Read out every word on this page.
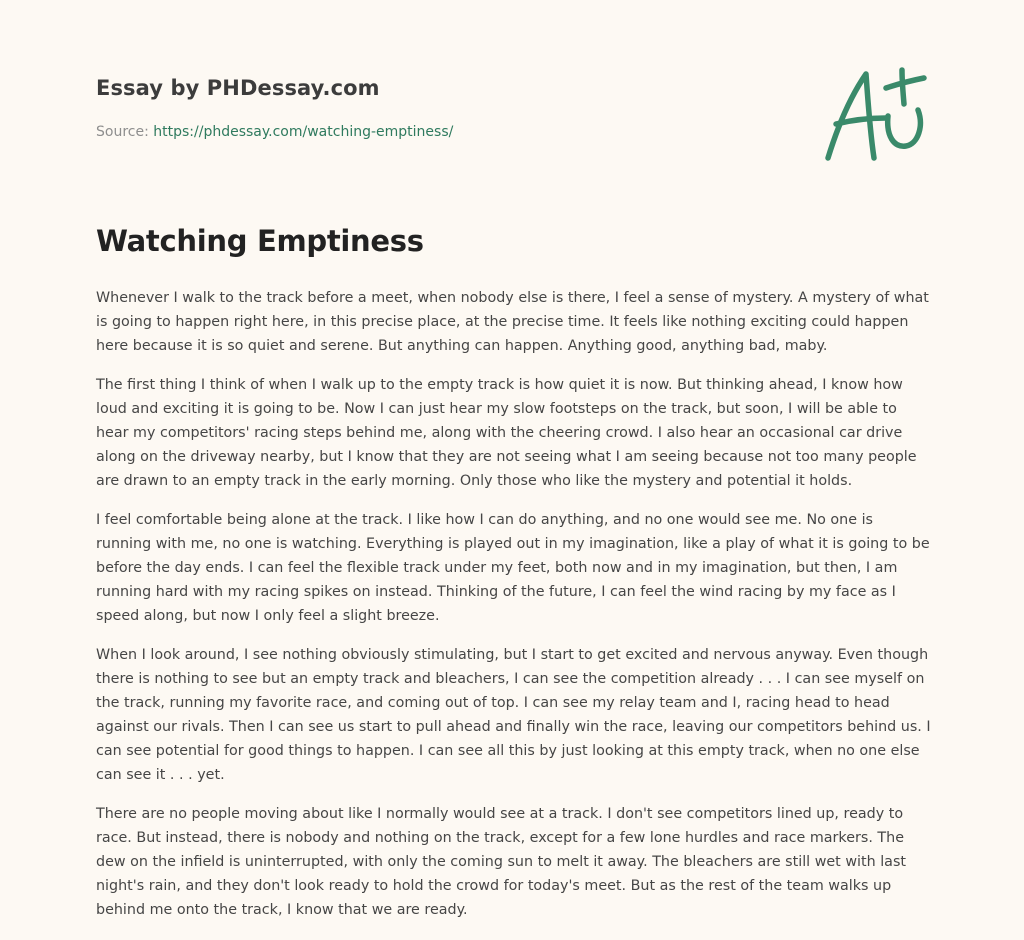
Essay by PHDessay.com
Source: https://phdessay.com/watching-emptiness/
Watching Emptiness

Whenever I walk to the track before a meet, when nobody else is there, I feel a sense of mystery. A mystery of what is going to happen right here, in this precise place, at the precise time. It feels like nothing exciting could happen here because it is so quiet and serene. But anything can happen. Anything good, anything bad, maby.

The first thing I think of when I walk up to the empty track is how quiet it is now. But thinking ahead, I know how loud and exciting it is going to be. Now I can just hear my slow footsteps on the track, but soon, I will be able to hear my competitors' racing steps behind me, along with the cheering crowd. I also hear an occasional car drive along on the driveway nearby, but I know that they are not seeing what I am seeing because not too many people are drawn to an empty track in the early morning. Only those who like the mystery and potential it holds.

I feel comfortable being alone at the track. I like how I can do anything, and no one would see me. No one is running with me, no one is watching. Everything is played out in my imagination, like a play of what it is going to be before the day ends. I can feel the flexible track under my feet, both now and in my imagination, but then, I am running hard with my racing spikes on instead. Thinking of the future, I can feel the wind racing by my face as I speed along, but now I only feel a slight breeze.

When I look around, I see nothing obviously stimulating, but I start to get excited and nervous anyway. Even though there is nothing to see but an empty track and bleachers, I can see the competition already . . . I can see myself on the track, running my favorite race, and coming out of top. I can see my relay team and I, racing head to head against our rivals. Then I can see us start to pull ahead and finally win the race, leaving our competitors behind us. I can see potential for good things to happen. I can see all this by just looking at this empty track, when no one else can see it . . . yet.

There are no people moving about like I normally would see at a track. I don't see competitors lined up, ready to race. But instead, there is nobody and nothing on the track, except for a few lone hurdles and race markers. The dew on the infield is uninterrupted, with only the coming sun to melt it away. The bleachers are still wet with last night's rain, and they don't look ready to hold the crowd for today's meet. But as the rest of the team walks up behind me onto the track, I know that we are ready.
